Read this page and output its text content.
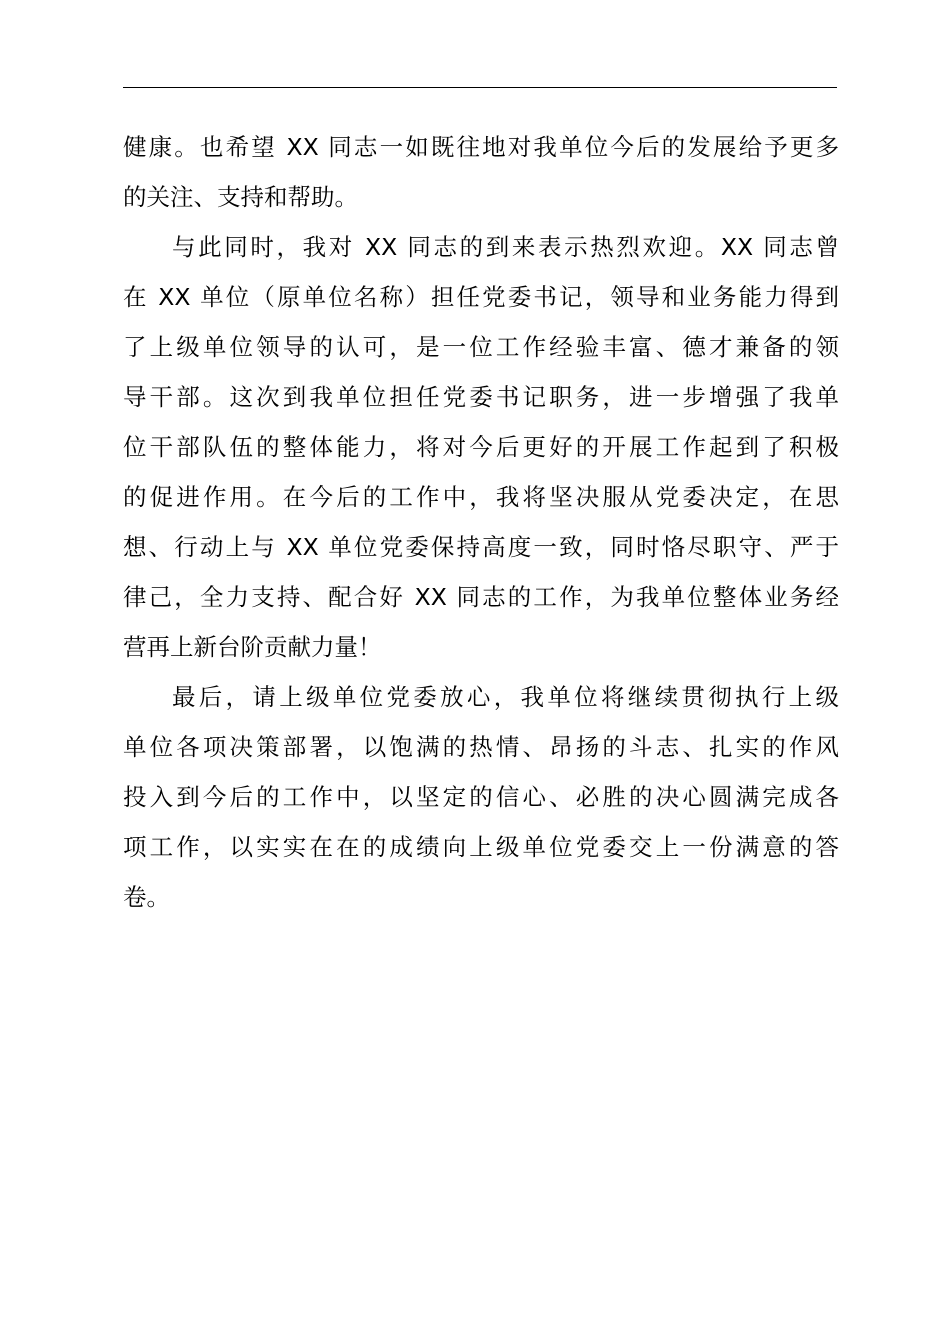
健康。也希望 XX 同志一如既往地对我单位今后的发展给予更多
的关注、支持和帮助。
与此同时，我对 XX 同志的到来表示热烈欢迎。XX 同志曾
在 XX 单位（原单位名称）担任党委书记，领导和业务能力得到
了上级单位领导的认可，是一位工作经验丰富、德才兼备的领
导干部。这次到我单位担任党委书记职务，进一步增强了我单
位干部队伍的整体能力，将对今后更好的开展工作起到了积极
的促进作用。在今后的工作中，我将坚决服从党委决定，在思
想、行动上与 XX 单位党委保持高度一致，同时恪尽职守、严于
律己，全力支持、配合好 XX 同志的工作，为我单位整体业务经
营再上新台阶贡献力量！
最后，请上级单位党委放心，我单位将继续贯彻执行上级
单位各项决策部署，以饱满的热情、昂扬的斗志、扎实的作风
投入到今后的工作中，以坚定的信心、必胜的决心圆满完成各
项工作，以实实在在的成绩向上级单位党委交上一份满意的答
卷。
